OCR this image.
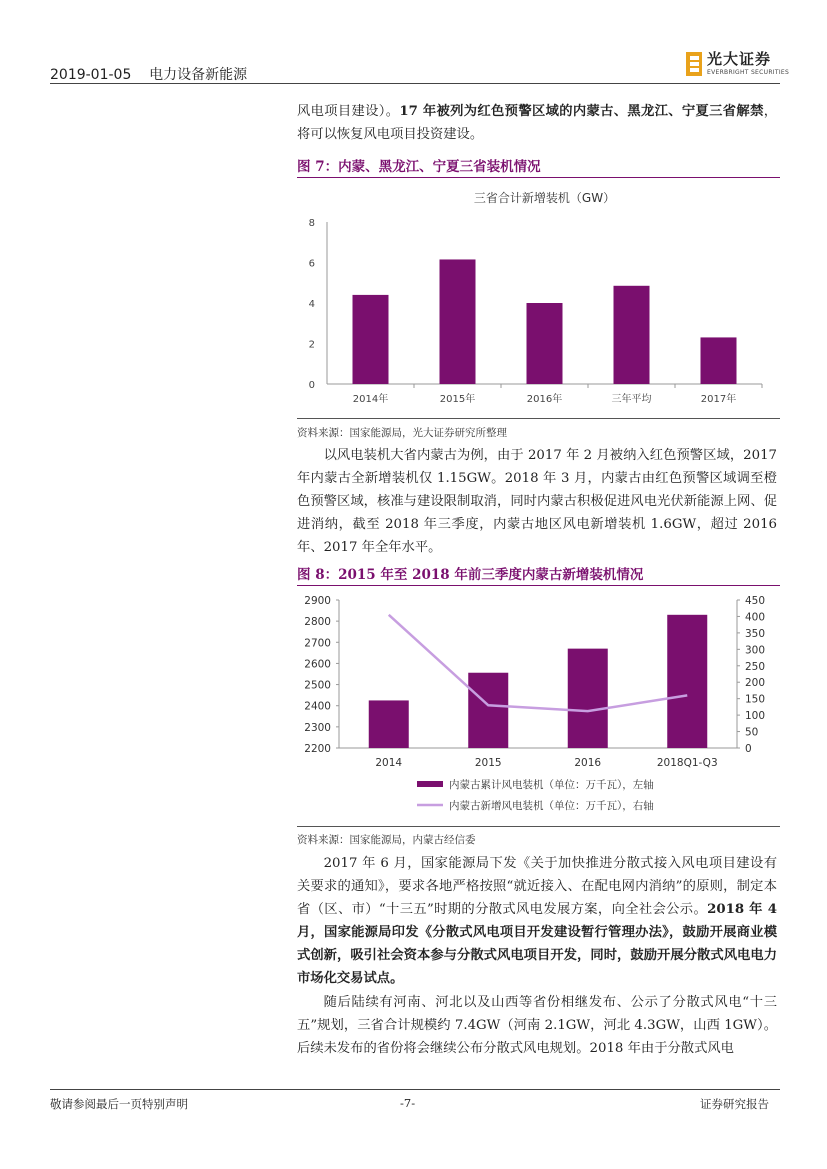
2019-01-05    电力设备新能源
光大证券
EVERBRIGHT SECURITIES
风电项目建设）。17 年被列为红色预警区域的内蒙古、黑龙江、宁夏三省解禁，将可以恢复风电项目投资建设。
图 7：内蒙、黑龙江、宁夏三省装机情况
三省合计新增装机（GW）
0
2
4
6
8
2014年	2015年	2016年	三年平均	2017年
资料来源：国家能源局，光大证券研究所整理
以风电装机大省内蒙古为例，由于 2017 年 2 月被纳入红色预警区域，2017 年内蒙古全新增装机仅 1.15GW。2018 年 3 月，内蒙古由红色预警区域调至橙色预警区域，核准与建设限制取消，同时内蒙古积极促进风电光伏新能源上网、促进消纳，截至 2018 年三季度，内蒙古地区风电新增装机 1.6GW，超过 2016 年、2017 年全年水平。
图 8：2015 年至 2018 年前三季度内蒙古新增装机情况
2200
2300
2400
2500
2600
2700
2800
2900
0
50
100
150
200
250
300
350
400
450
2014	2015	2016	2018Q1-Q3
内蒙古累计风电装机（单位：万千瓦），左轴
内蒙古新增风电装机（单位：万千瓦），右轴
资料来源：国家能源局，内蒙古经信委
2017 年 6 月，国家能源局下发《关于加快推进分散式接入风电项目建设有关要求的通知》，要求各地严格按照“就近接入、在配电网内消纳”的原则，制定本省（区、市）“十三五”时期的分散式风电发展方案，向全社会公示。2018 年 4 月，国家能源局印发《分散式风电项目开发建设暂行管理办法》，鼓励开展商业模式创新，吸引社会资本参与分散式风电项目开发，同时，鼓励开展分散式风电电力市场化交易试点。
随后陆续有河南、河北以及山西等省份相继发布、公示了分散式风电“十三五”规划，三省合计规模约 7.4GW（河南 2.1GW，河北 4.3GW，山西 1GW）。后续未发布的省份将会继续公布分散式风电规划。2018 年由于分散式风电
敬请参阅最后一页特别声明	-7-	证券研究报告
